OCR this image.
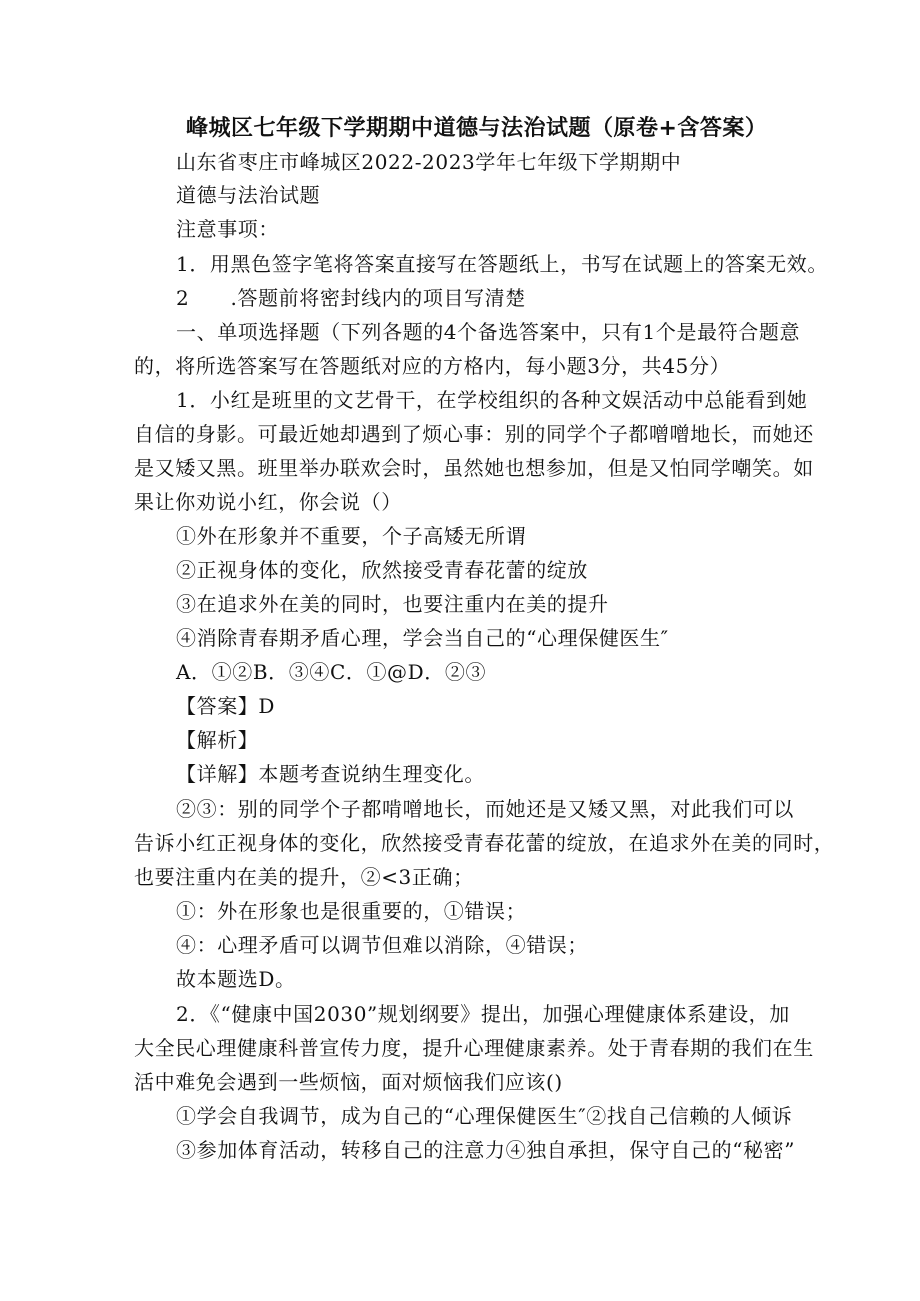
峰城区七年级下学期期中道德与法治试题（原卷+含答案）
山东省枣庄市峰城区2022-2023学年七年级下学期期中
道德与法治试题
注意事项：
1．用黑色签字笔将答案直接写在答题纸上，书写在试题上的答案无效。
2　　.答题前将密封线内的项目写清楚
一、单项选择题（下列各题的4个备选答案中，只有1个是最符合题意
的，将所选答案写在答题纸对应的方格内，每小题3分，共45分）
1．小红是班里的文艺骨干，在学校组织的各种文娱活动中总能看到她
自信的身影。可最近她却遇到了烦心事：别的同学个子都噌噌地长，而她还
是又矮又黑。班里举办联欢会时，虽然她也想参加，但是又怕同学嘲笑。如
果让你劝说小红，你会说（）
①外在形象并不重要，个子高矮无所谓
②正视身体的变化，欣然接受青春花蕾的绽放
③在追求外在美的同时，也要注重内在美的提升
④消除青春期矛盾心理，学会当自己的“心理保健医生″
A．①②B．③④C．①@D．②③
【答案】D
【解析】
【详解】本题考查说纳生理变化。
②③：别的同学个子都啃噌地长，而她还是又矮又黑，对此我们可以
告诉小红正视身体的变化，欣然接受青春花蕾的绽放，在追求外在美的同时，
也要注重内在美的提升，②<3正确；
①：外在形象也是很重要的，①错误；
④：心理矛盾可以调节但难以消除，④错误；
故本题选D。
2．《“健康中国2030”规划纲要》提出，加强心理健康体系建设，加
大全民心理健康科普宣传力度，提升心理健康素养。处于青春期的我们在生
活中难免会遇到一些烦恼，面对烦恼我们应该()
①学会自我调节，成为自己的“心理保健医生″②找自己信赖的人倾诉
③参加体育活动，转移自己的注意力④独自承担，保守自己的“秘密”
